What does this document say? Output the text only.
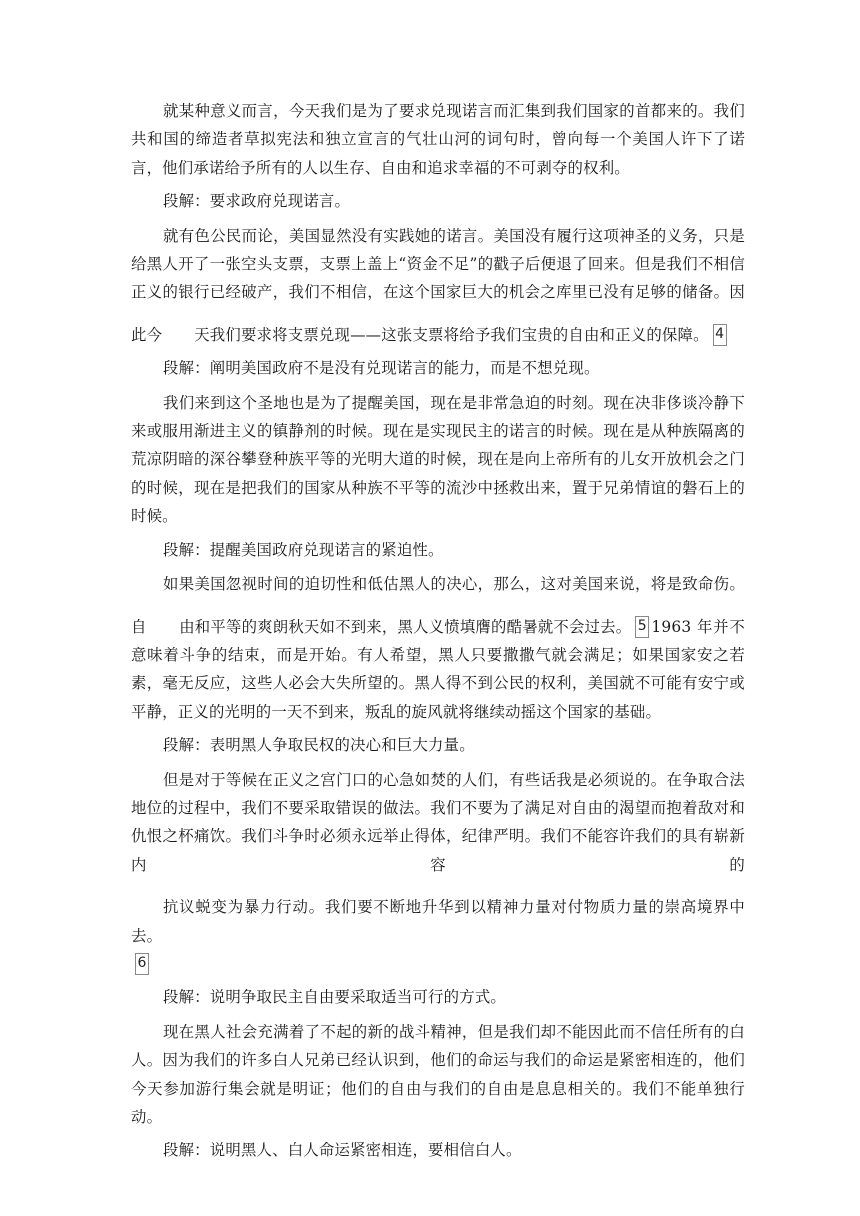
就某种意义而言，今天我们是为了要求兑现诺言而汇集到我们国家的首都来的。我们共和国的缔造者草拟宪法和独立宣言的气壮山河的词句时，曾向每一个美国人许下了诺言，他们承诺给予所有的人以生存、自由和追求幸福的不可剥夺的权利。

段解：要求政府兑现诺言。

就有色公民而论，美国显然没有实践她的诺言。美国没有履行这项神圣的义务，只是给黑人开了一张空头支票，支票上盖上“资金不足”的戳子后便退了回来。但是我们不相信正义的银行已经破产，我们不相信，在这个国家巨大的机会之库里已没有足够的储备。因此今 天我们要求将支票兑现——这张支票将给予我们宝贵的自由和正义的保障。 4

段解：阐明美国政府不是没有兑现诺言的能力，而是不想兑现。

我们来到这个圣地也是为了提醒美国，现在是非常急迫的时刻。现在决非侈谈冷静下来或服用渐进主义的镇静剂的时候。现在是实现民主的诺言的时候。现在是从种族隔离的荒凉阴暗的深谷攀登种族平等的光明大道的时候，现在是向上帝所有的儿女开放机会之门的时候，现在是把我们的国家从种族不平等的流沙中拯救出来，置于兄弟情谊的磐石上的时候。

段解：提醒美国政府兑现诺言的紧迫性。

如果美国忽视时间的迫切性和低估黑人的决心，那么，这对美国来说，将是致命伤。自 由和平等的爽朗秋天如不到来，黑人义愤填膺的酷暑就不会过去。 5 1963 年并不意味着斗争的结束，而是开始。有人希望，黑人只要撒撒气就会满足；如果国家安之若素，毫无反应，这些人必会大失所望的。黑人得不到公民的权利，美国就不可能有安宁或平静，正义的光明的一天不到来，叛乱的旋风就将继续动摇这个国家的基础。

段解：表明黑人争取民权的决心和巨大力量。

但是对于等候在正义之宫门口的心急如焚的人们，有些话我是必须说的。在争取合法地位的过程中，我们不要采取错误的做法。我们不要为了满足对自由的渴望而抱着敌对和仇恨之杯痛饮。我们斗争时必须永远举止得体，纪律严明。我们不能容许我们的具有崭新内容的抗议蜕变为暴力行动。我们要不断地升华到以精神力量对付物质力量的崇高境界中去。6

段解：说明争取民主自由要采取适当可行的方式。

现在黑人社会充满着了不起的新的战斗精神，但是我们却不能因此而不信任所有的白人。因为我们的许多白人兄弟已经认识到，他们的命运与我们的命运是紧密相连的，他们今天参加游行集会就是明证；他们的自由与我们的自由是息息相关的。我们不能单独行动。

段解：说明黑人、白人命运紧密相连，要相信白人。
